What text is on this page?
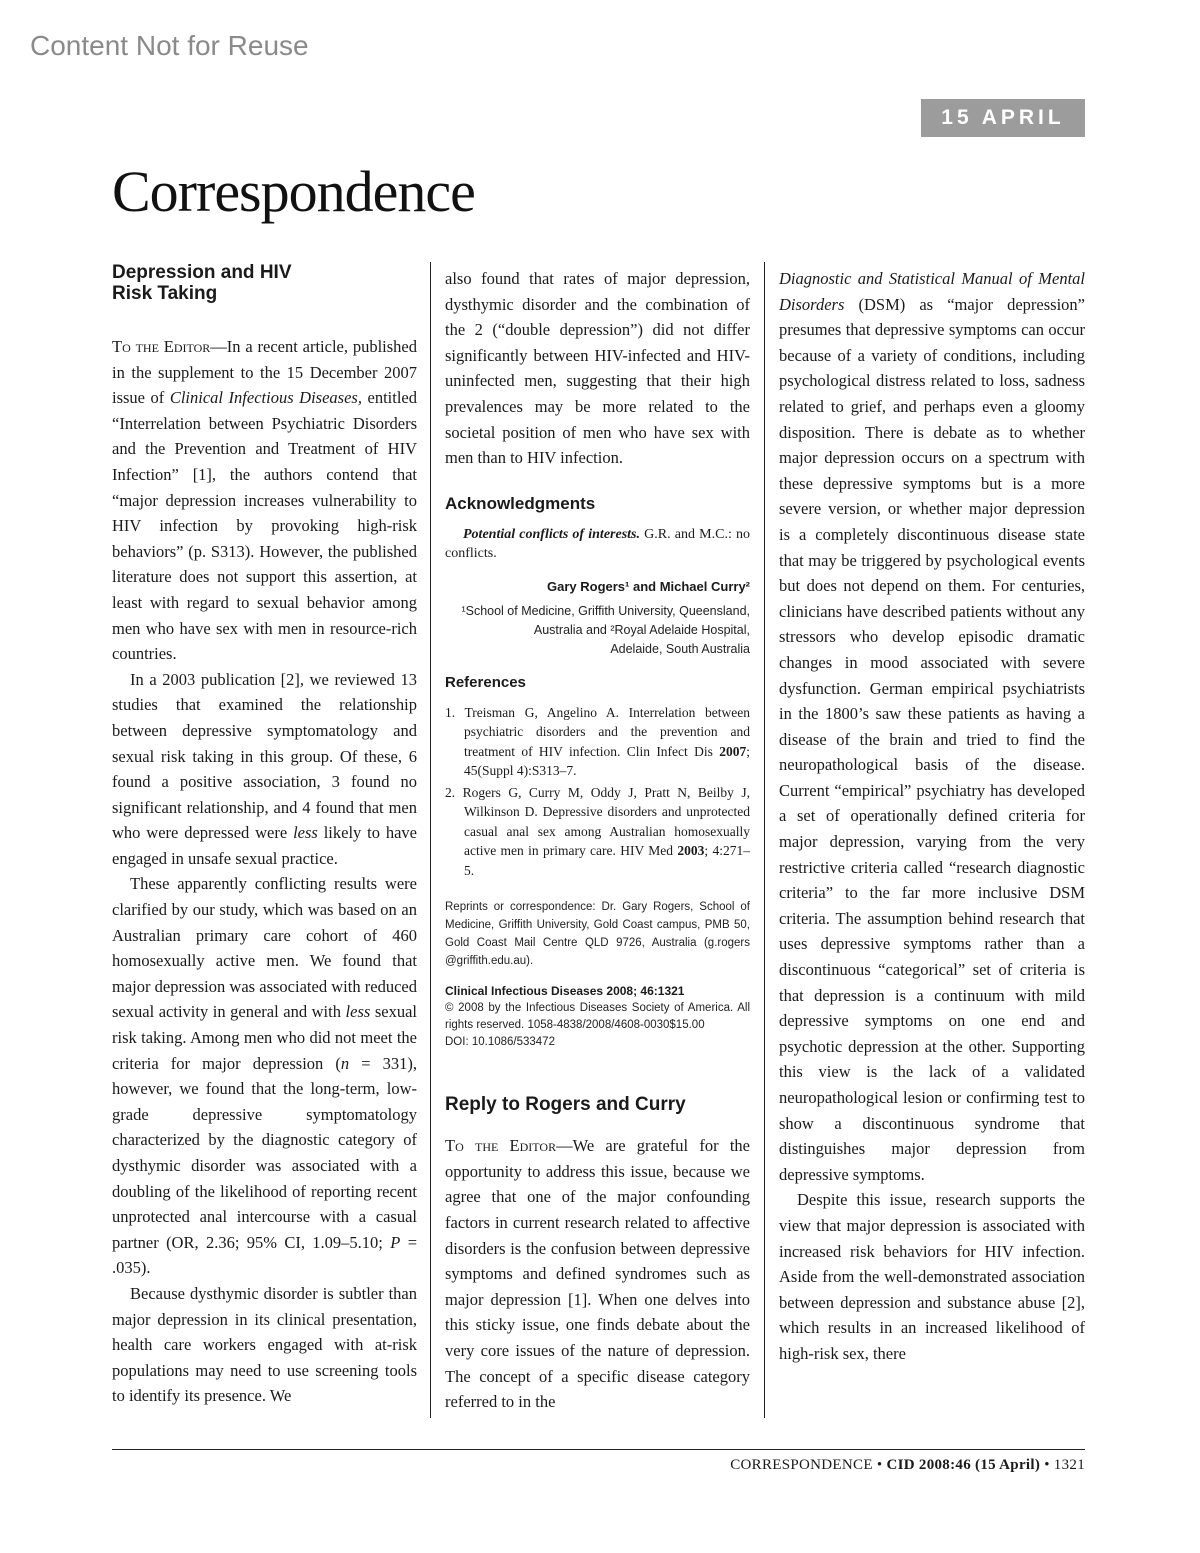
Content Not for Reuse
15 APRIL
Correspondence
Depression and HIV
Risk Taking

To the Editor—In a recent article, published in the supplement to the 15 December 2007 issue of Clinical Infectious Diseases, entitled “Interrelation between Psychiatric Disorders and the Prevention and Treatment of HIV Infection” [1], the authors contend that “major depression increases vulnerability to HIV infection by provoking high-risk behaviors” (p. S313). However, the published literature does not support this assertion, at least with regard to sexual behavior among men who have sex with men in resource-rich countries.

In a 2003 publication [2], we reviewed 13 studies that examined the relationship between depressive symptomatology and sexual risk taking in this group. Of these, 6 found a positive association, 3 found no significant relationship, and 4 found that men who were depressed were less likely to have engaged in unsafe sexual practice.

These apparently conflicting results were clarified by our study, which was based on an Australian primary care cohort of 460 homosexually active men. We found that major depression was associated with reduced sexual activity in general and with less sexual risk taking. Among men who did not meet the criteria for major depression (n = 331), however, we found that the long-term, low-grade depressive symptomatology characterized by the diagnostic category of dysthymic disorder was associated with a doubling of the likelihood of reporting recent unprotected anal intercourse with a casual partner (OR, 2.36; 95% CI, 1.09–5.10; P = .035).

Because dysthymic disorder is subtler than major depression in its clinical presentation, health care workers engaged with at-risk populations may need to use screening tools to identify its presence. We

also found that rates of major depression, dysthymic disorder and the combination of the 2 (“double depression”) did not differ significantly between HIV-infected and HIV-uninfected men, suggesting that their high prevalences may be more related to the societal position of men who have sex with men than to HIV infection.

Acknowledgments

Potential conflicts of interests. G.R. and M.C.: no conflicts.

Gary Rogers¹ and Michael Curry²

¹School of Medicine, Griffith University, Queensland,

Australia and ²Royal Adelaide Hospital,

Adelaide, South Australia

References
1. Treisman G, Angelino A. Interrelation between psychiatric disorders and the prevention and treatment of HIV infection. Clin Infect Dis 2007; 45(Suppl 4):S313–7.
2. Rogers G, Curry M, Oddy J, Pratt N, Beilby J, Wilkinson D. Depressive disorders and unprotected casual anal sex among Australian homosexually active men in primary care. HIV Med 2003; 4:271–5.

Reprints or correspondence: Dr. Gary Rogers, School of Medicine, Griffith University, Gold Coast campus, PMB 50, Gold Coast Mail Centre QLD 9726, Australia (g.rogers @griffith.edu.au).

Clinical Infectious Diseases 2008; 46:1321

© 2008 by the Infectious Diseases Society of America. All rights reserved. 1058-4838/2008/4608-0030$15.00

DOI: 10.1086/533472

Reply to Rogers and Curry

To the Editor—We are grateful for the opportunity to address this issue, because we agree that one of the major confounding factors in current research related to affective disorders is the confusion between depressive symptoms and defined syndromes such as major depression [1]. When one delves into this sticky issue, one finds debate about the very core issues of the nature of depression. The concept of a specific disease category referred to in the

Diagnostic and Statistical Manual of Mental Disorders (DSM) as “major depression” presumes that depressive symptoms can occur because of a variety of conditions, including psychological distress related to loss, sadness related to grief, and perhaps even a gloomy disposition. There is debate as to whether major depression occurs on a spectrum with these depressive symptoms but is a more severe version, or whether major depression is a completely discontinuous disease state that may be triggered by psychological events but does not depend on them. For centuries, clinicians have described patients without any stressors who develop episodic dramatic changes in mood associated with severe dysfunction. German empirical psychiatrists in the 1800’s saw these patients as having a disease of the brain and tried to find the neuropathological basis of the disease. Current “empirical” psychiatry has developed a set of operationally defined criteria for major depression, varying from the very restrictive criteria called “research diagnostic criteria” to the far more inclusive DSM criteria. The assumption behind research that uses depressive symptoms rather than a discontinuous “categorical” set of criteria is that depression is a continuum with mild depressive symptoms on one end and psychotic depression at the other. Supporting this view is the lack of a validated neuropathological lesion or confirming test to show a discontinuous syndrome that distinguishes major depression from depressive symptoms.

Despite this issue, research supports the view that major depression is associated with increased risk behaviors for HIV infection. Aside from the well-demonstrated association between depression and substance abuse [2], which results in an increased likelihood of high-risk sex, there

CORRESPONDENCE • CID 2008:46 (15 April) • 1321
